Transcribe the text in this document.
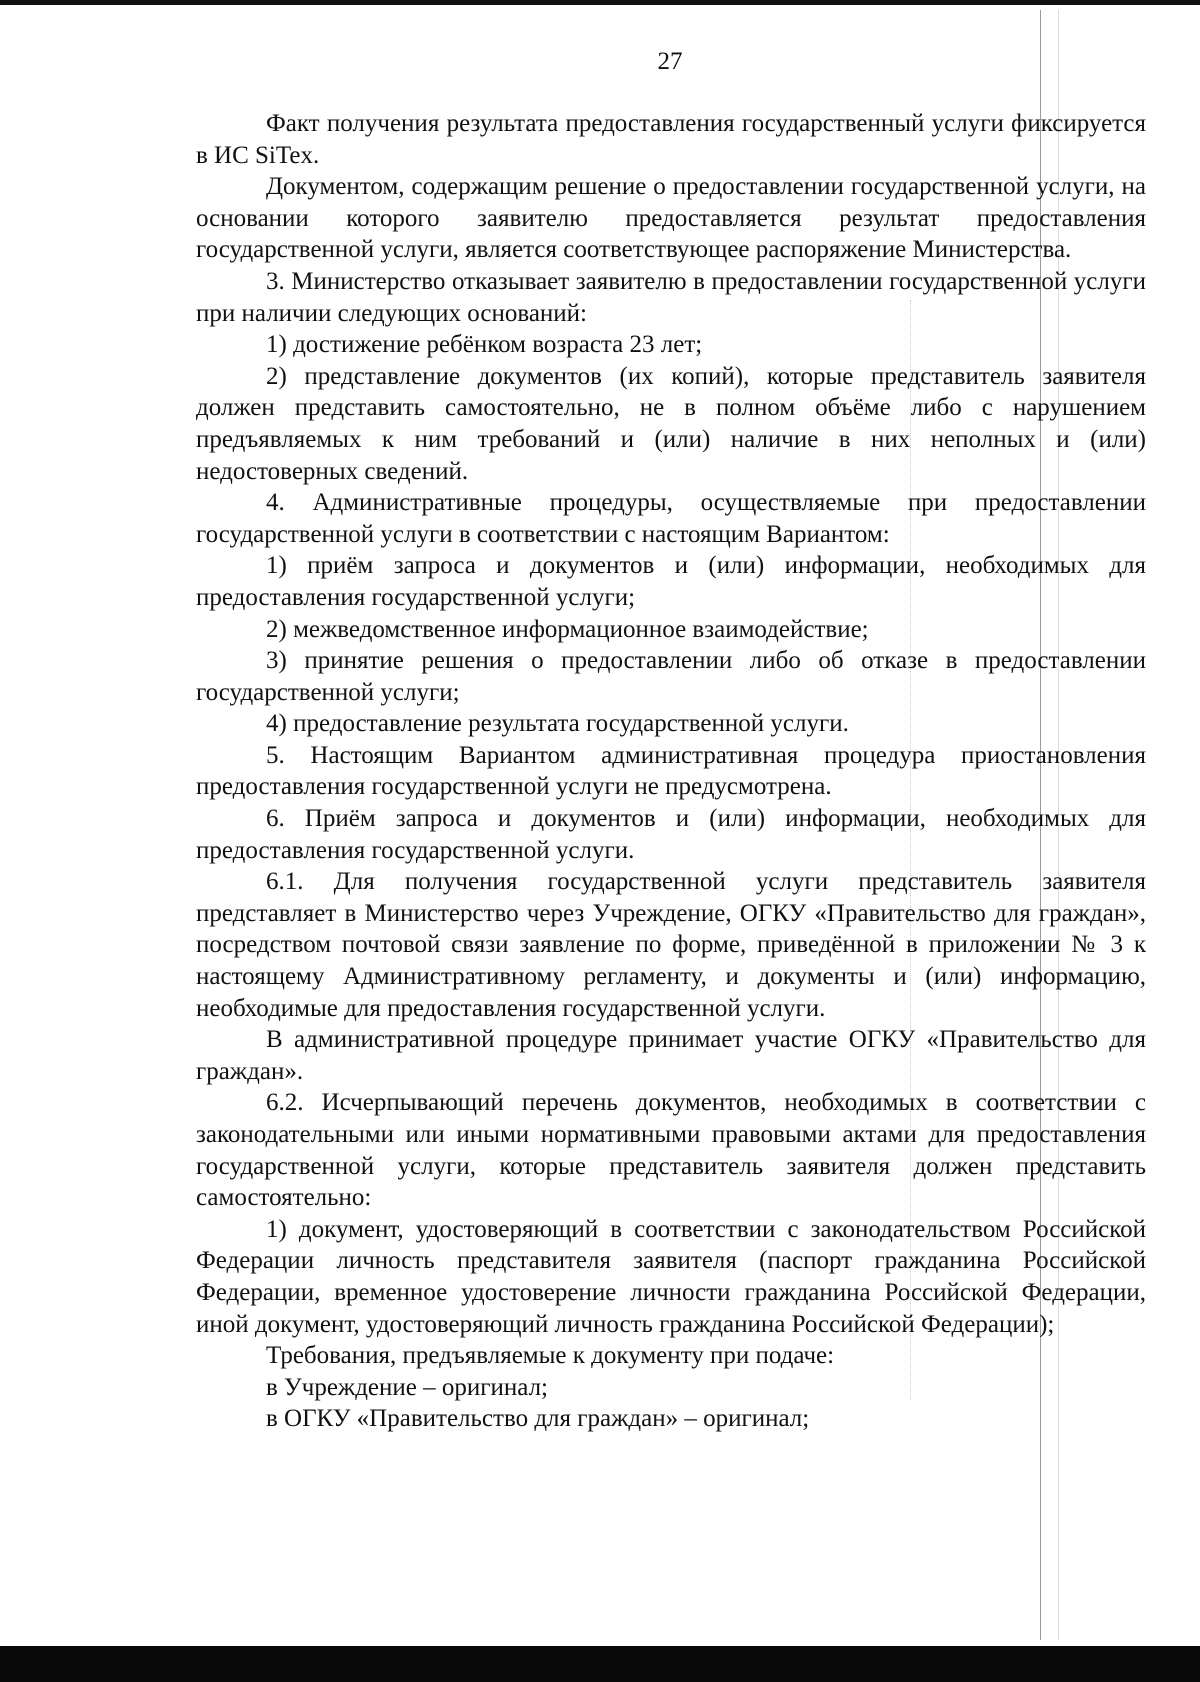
27

Факт получения результата предоставления государственный услуги фиксируется в ИС SiTex.

Документом, содержащим решение о предоставлении государственной услуги, на основании которого заявителю предоставляется результат предоставления государственной услуги, является соответствующее распоряжение Министерства.

3. Министерство отказывает заявителю в предоставлении государственной услуги при наличии следующих оснований:

1) достижение ребёнком возраста 23 лет;

2) представление документов (их копий), которые представитель заявителя должен представить самостоятельно, не в полном объёме либо с нарушением предъявляемых к ним требований и (или) наличие в них неполных и (или) недостоверных сведений.

4. Административные процедуры, осуществляемые при предоставлении государственной услуги в соответствии с настоящим Вариантом:

1) приём запроса и документов и (или) информации, необходимых для предоставления государственной услуги;

2) межведомственное информационное взаимодействие;

3) принятие решения о предоставлении либо об отказе в предоставлении государственной услуги;

4) предоставление результата государственной услуги.

5. Настоящим Вариантом административная процедура приостановления предоставления государственной услуги не предусмотрена.

6. Приём запроса и документов и (или) информации, необходимых для предоставления государственной услуги.

6.1. Для получения государственной услуги представитель заявителя представляет в Министерство через Учреждение, ОГКУ «Правительство для граждан», посредством почтовой связи заявление по форме, приведённой в приложении № 3 к настоящему Административному регламенту, и документы и (или) информацию, необходимые для предоставления государственной услуги.

В административной процедуре принимает участие ОГКУ «Правительство для граждан».

6.2. Исчерпывающий перечень документов, необходимых в соответствии с законодательными или иными нормативными правовыми актами для предоставления государственной услуги, которые представитель заявителя должен представить самостоятельно:

1) документ, удостоверяющий в соответствии с законодательством Российской Федерации личность представителя заявителя (паспорт гражданина Российской Федерации, временное удостоверение личности гражданина Российской Федерации, иной документ, удостоверяющий личность гражданина Российской Федерации);

Требования, предъявляемые к документу при подаче:

в Учреждение – оригинал;

в ОГКУ «Правительство для граждан» – оригинал;
